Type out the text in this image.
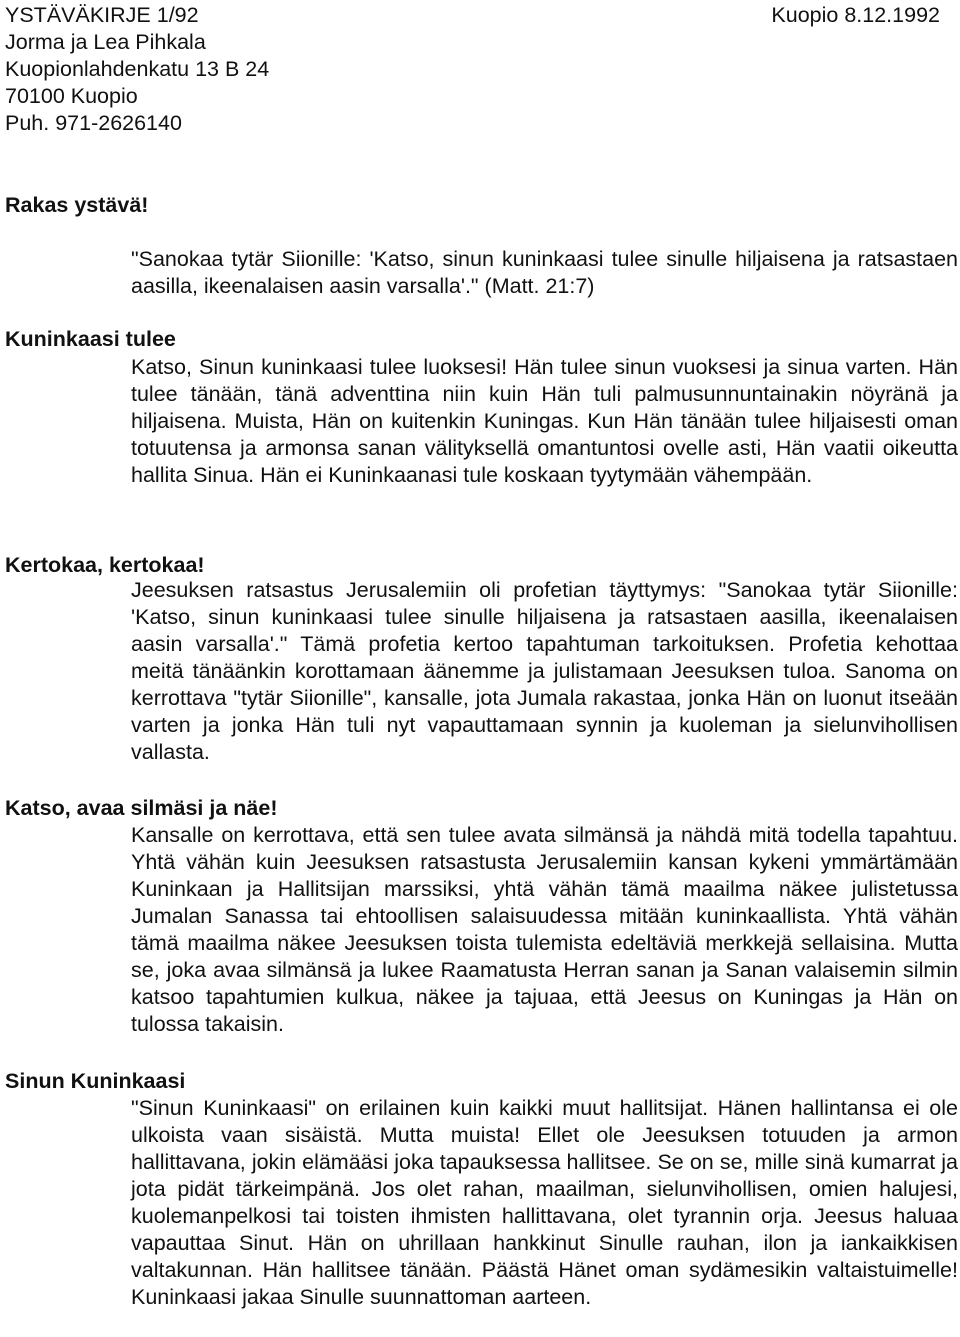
YSTÄVÄKIRJE 1/92	Kuopio 8.12.1992
Jorma ja Lea Pihkala
Kuopionlahdenkatu 13 B 24
70100 Kuopio
Puh. 971-2626140
Rakas ystävä!

"Sanokaa tytär Siionille: 'Katso, sinun kuninkaasi tulee sinulle hiljaisena ja ratsastaen aasilla, ikeenalaisen aasin varsalla'." (Matt. 21:7)

Kuninkaasi tulee

Katso, Sinun kuninkaasi tulee luoksesi! Hän tulee sinun vuoksesi ja sinua varten. Hän tulee tänään, tänä adventtina niin kuin Hän tuli palmusunnuntainakin nöyränä ja hiljaisena. Muista, Hän on kuitenkin Kuningas. Kun Hän tänään tulee hiljaisesti oman totuutensa ja armonsa sanan välityksellä omantuntosi ovelle asti, Hän vaatii oikeutta hallita Sinua. Hän ei Kuninkaanasi tule koskaan tyytymään vähempään.

Kertokaa, kertokaa!

Jeesuksen ratsastus Jerusalemiin oli profetian täyttymys: "Sanokaa tytär Siionille: 'Katso, sinun kuninkaasi tulee sinulle hiljaisena ja ratsastaen aasilla, ikeenalaisen aasin varsalla'." Tämä profetia kertoo tapahtuman tarkoituksen. Profetia kehottaa meitä tänäänkin korottamaan äänemme ja julistamaan Jeesuksen tuloa. Sanoma on kerrottava "tytär Siionille", kansalle, jota Jumala rakastaa, jonka Hän on luonut itseään varten ja jonka Hän tuli nyt vapauttamaan synnin ja kuoleman ja sielunvihollisen vallasta.

Katso, avaa silmäsi ja näe!

Kansalle on kerrottava, että sen tulee avata silmänsä ja nähdä mitä todella tapahtuu. Yhtä vähän kuin Jeesuksen ratsastusta Jerusalemiin kansan kykeni ymmärtämään Kuninkaan ja Hallitsijan marssiksi, yhtä vähän tämä maailma näkee julistetussa Jumalan Sanassa tai ehtoollisen salaisuudessa mitään kuninkaallista. Yhtä vähän tämä maailma näkee Jeesuksen toista tulemista edeltäviä merkkejä sellaisina. Mutta se, joka avaa silmänsä ja lukee Raamatusta Herran sanan ja Sanan valaisemin silmin katsoo tapahtumien kulkua, näkee ja tajuaa, että Jeesus on Kuningas ja Hän on tulossa takaisin.

Sinun Kuninkaasi

"Sinun Kuninkaasi" on erilainen kuin kaikki muut hallitsijat. Hänen hallintansa ei ole ulkoista vaan sisäistä. Mutta muista! Ellet ole Jeesuksen totuuden ja armon hallittavana, jokin elämääsi joka tapauksessa hallitsee. Se on se, mille sinä kumarrat ja jota pidät tärkeimpänä. Jos olet rahan, maailman, sielunvihollisen, omien halujesi, kuolemanpelkosi tai toisten ihmisten hallittavana, olet tyrannin orja. Jeesus haluaa vapauttaa Sinut. Hän on uhrillaan hankkinut Sinulle rauhan, ilon ja iankaikkisen valtakunnan. Hän hallitsee tänään. Päästä Hänet oman sydämesikin valtaistuimelle! Kuninkaasi jakaa Sinulle suunnattoman aarteen.
